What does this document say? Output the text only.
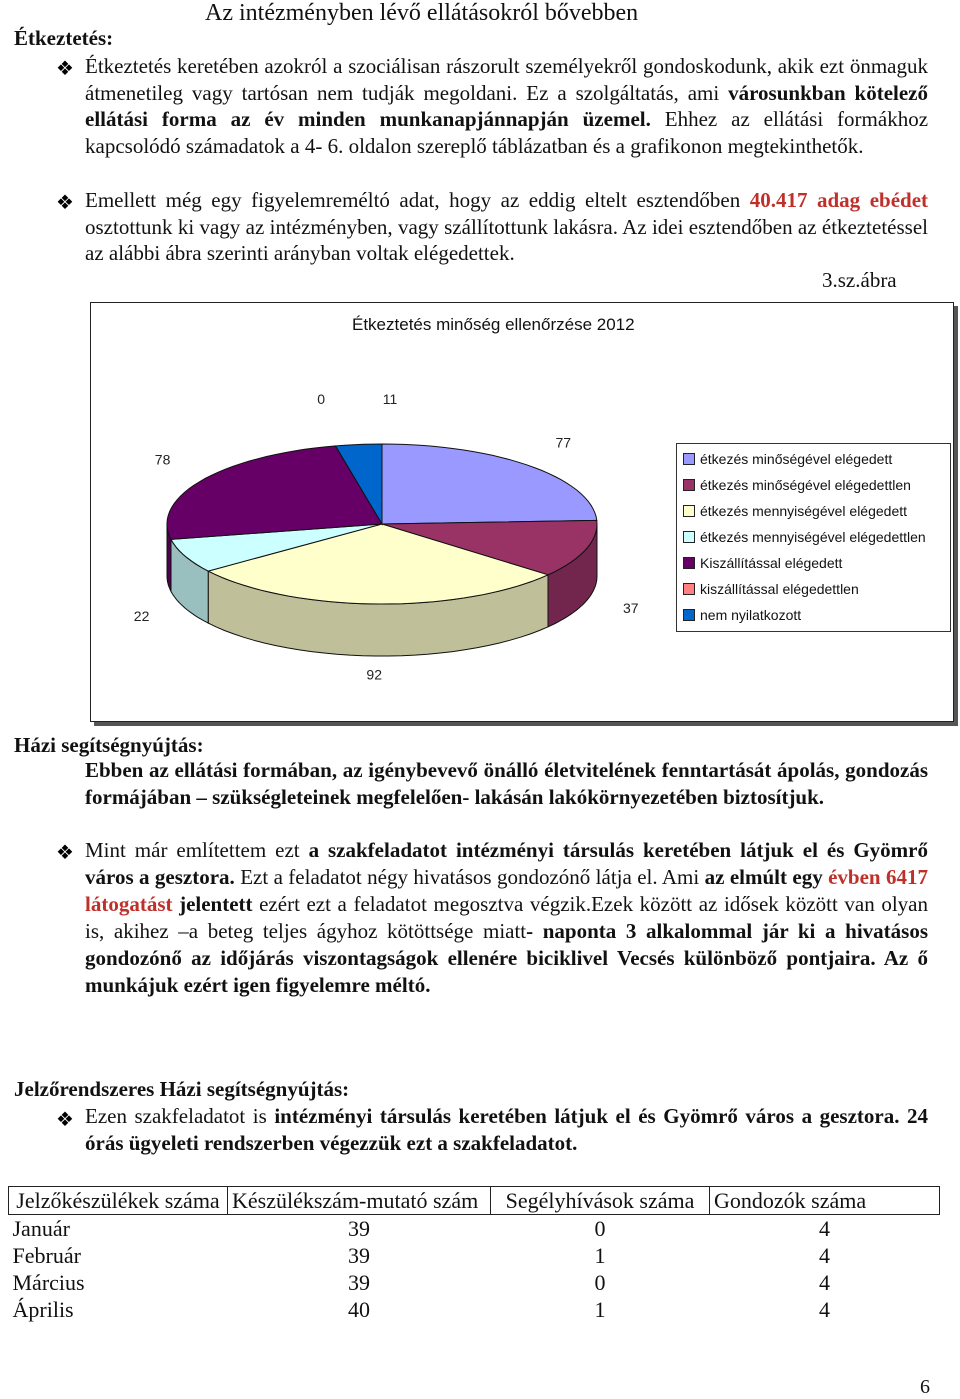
Az intézményben lévő ellátásokról bővebben
Étkeztetés:
❖ Étkeztetés keretében azokról a szociálisan rászorult személyekről gondoskodunk, akik ezt önmaguk átmenetileg vagy tartósan nem tudják megoldani. Ez a szolgáltatás, ami városunkban kötelező ellátási forma az év minden munkanapjánnapján üzemel. Ehhez az ellátási formákhoz kapcsolódó számadatok a 4- 6. oldalon szereplő táblázatban és a grafikonon megtekinthetők.
❖ Emellett még egy figyelemreméltó adat, hogy az eddig eltelt esztendőben 40.417 adag ebédet osztottunk ki vagy az intézményben, vagy szállítottunk lakásra. Az idei esztendőben az étkeztetéssel az alábbi ábra szerinti arányban voltak elégedettek.
3.sz.ábra
Étkeztetés minőség ellenőrzése 2012
77
37
92
22
78
0	11
étkezés minőségével elégedett
étkezés minőségével elégedettlen
étkezés mennyiségével elégedett
étkezés mennyiségével elégedettlen
Kiszállítással elégedett
kiszállítással elégedettlen
nem nyilatkozott
Házi segítségnyújtás:
Ebben az ellátási formában, az igénybevevő önálló életvitelének fenntartását ápolás, gondozás formájában – szükségleteinek megfelelően- lakásán lakókörnyezetében biztosítjuk.
❖ Mint már említettem ezt a szakfeladatot intézményi társulás keretében látjuk el és Gyömrő város a gesztora. Ezt a feladatot négy hivatásos gondozónő látja el. Ami az elmúlt egy évben 6417 látogatást jelentett ezért ezt a feladatot megosztva végzik.Ezek között az idősek között van olyan is, akihez –a beteg teljes ágyhoz kötöttsége miatt- naponta 3 alkalommal jár ki a hivatásos gondozónő az időjárás viszontagságok ellenére biciklivel Vecsés különböző pontjaira. Az ő munkájuk ezért igen figyelemre méltó.
Jelzőrendszeres Házi segítségnyújtás:
❖ Ezen szakfeladatot is intézményi társulás keretében látjuk el és Gyömrő város a gesztora. 24 órás ügyeleti rendszerben végezzük ezt a szakfeladatot.
Jelzőkészülékek száma	Készülékszám-mutató szám	Segélyhívások száma	Gondozók száma
Január	39	0	4
Február	39	1	4
Március	39	0	4
Április	40	1	4
6
